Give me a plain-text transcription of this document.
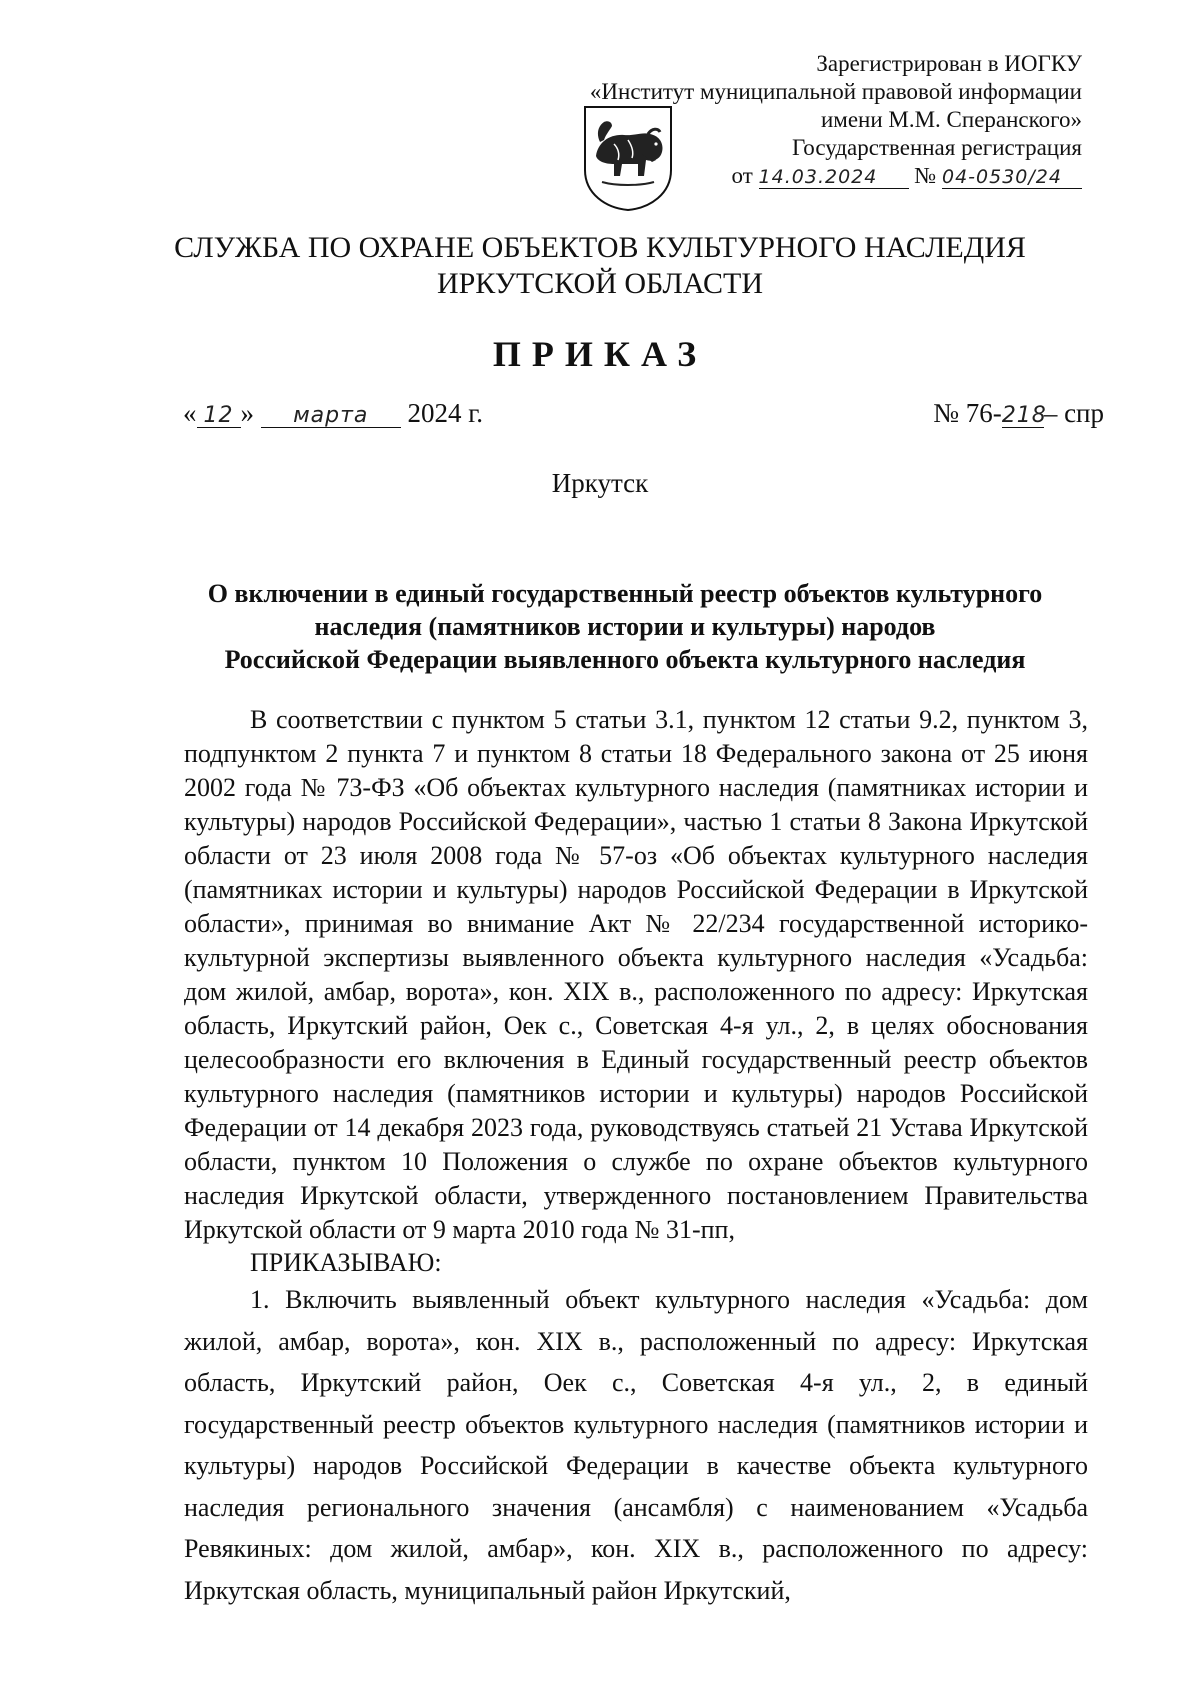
Зарегистрирован в ИОГКУ
«Институт муниципальной правовой информации
имени М.М. Сперанского»
Государственная регистрация
от 14.03.2024 № 04-0530/24
СЛУЖБА ПО ОХРАНЕ ОБЪЕКТОВ КУЛЬТУРНОГО НАСЛЕДИЯ
ИРКУТСКОЙ ОБЛАСТИ
ПРИКАЗ
« 12 » марта 2024 г.	№ 76-218– спр
Иркутск
О включении в единый государственный реестр объектов культурного
наследия (памятников истории и культуры) народов
Российской Федерации выявленного объекта культурного наследия

В соответствии с пунктом 5 статьи 3.1, пунктом 12 статьи 9.2, пунктом 3, подпунктом 2 пункта 7 и пунктом 8 статьи 18 Федерального закона от 25 июня 2002 года № 73-ФЗ «Об объектах культурного наследия (памятниках истории и культуры) народов Российской Федерации», частью 1 статьи 8 Закона Иркутской области от 23 июля 2008 года № 57-оз «Об объектах культурного наследия (памятниках истории и культуры) народов Российской Федерации в Иркутской области», принимая во внимание Акт № 22/234 государственной историко-культурной экспертизы выявленного объекта культурного наследия «Усадьба: дом жилой, амбар, ворота», кон. XIX в., расположенного по адресу: Иркутская область, Иркутский район, Оек с., Советская 4-я ул., 2, в целях обоснования целесообразности его включения в Единый государственный реестр объектов культурного наследия (памятников истории и культуры) народов Российской Федерации от 14 декабря 2023 года, руководствуясь статьей 21 Устава Иркутской области, пунктом 10 Положения о службе по охране объектов культурного наследия Иркутской области, утвержденного постановлением Правительства Иркутской области от 9 марта 2010 года № 31-пп,

ПРИКАЗЫВАЮ:

1. Включить выявленный объект культурного наследия «Усадьба: дом жилой, амбар, ворота», кон. XIX в., расположенный по адресу: Иркутская область, Иркутский район, Оек с., Советская 4-я ул., 2, в единый государственный реестр объектов культурного наследия (памятников истории и культуры) народов Российской Федерации в качестве объекта культурного наследия регионального значения (ансамбля) с наименованием «Усадьба Ревякиных: дом жилой, амбар», кон. XIX в., расположенного по адресу: Иркутская область, муниципальный район Иркутский,
